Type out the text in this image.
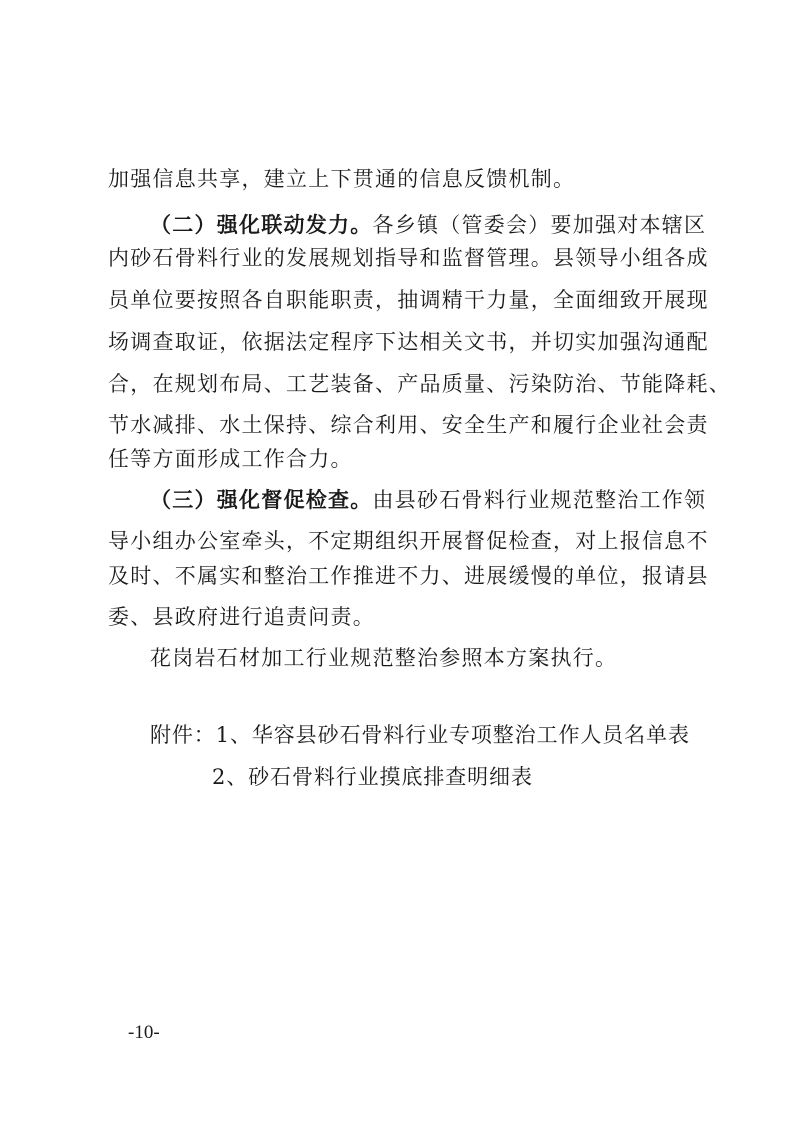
加强信息共享，建立上下贯通的信息反馈机制。
（二）强化联动发力。各乡镇（管委会）要加强对本辖区
内砂石骨料行业的发展规划指导和监督管理。县领导小组各成
员单位要按照各自职能职责，抽调精干力量，全面细致开展现
场调查取证，依据法定程序下达相关文书，并切实加强沟通配
合，在规划布局、工艺装备、产品质量、污染防治、节能降耗、
节水减排、水土保持、综合利用、安全生产和履行企业社会责
任等方面形成工作合力。
（三）强化督促检查。由县砂石骨料行业规范整治工作领
导小组办公室牵头，不定期组织开展督促检查，对上报信息不
及时、不属实和整治工作推进不力、进展缓慢的单位，报请县
委、县政府进行追责问责。
花岗岩石材加工行业规范整治参照本方案执行。
附件：1、华容县砂石骨料行业专项整治工作人员名单表
2、砂石骨料行业摸底排查明细表
-10-
